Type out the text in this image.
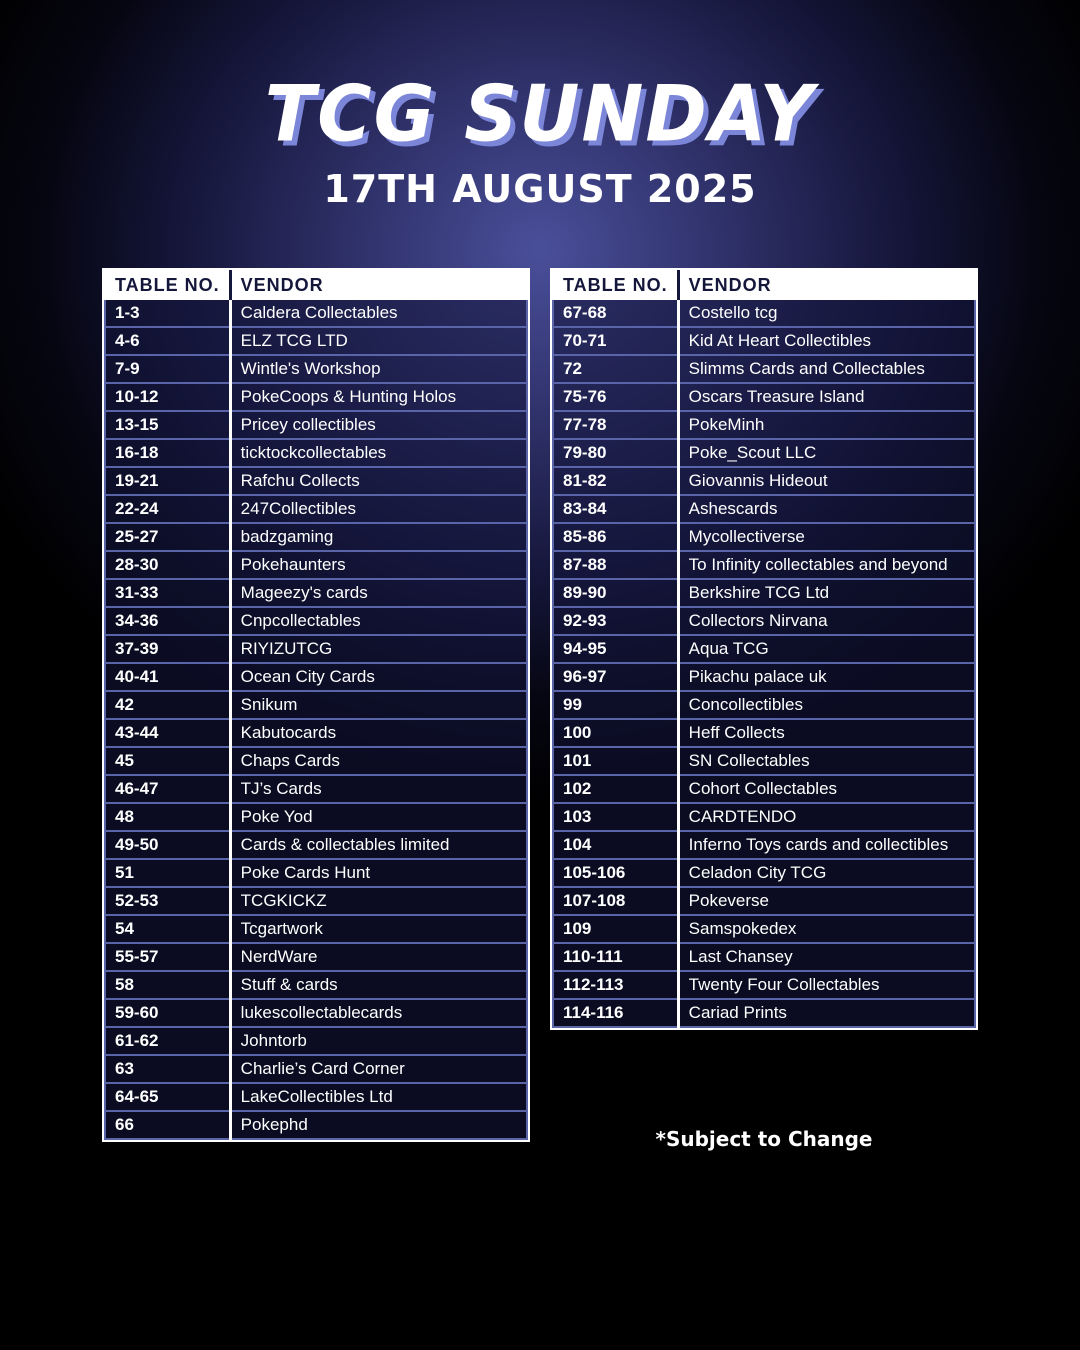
TCG SUNDAY
17TH AUGUST 2025
TABLE NO.	VENDOR
1-3	Caldera Collectables
4-6	ELZ TCG LTD
7-9	Wintle's Workshop
10-12	PokeCoops & Hunting Holos
13-15	Pricey collectibles
16-18	ticktockcollectables
19-21	Rafchu Collects
22-24	247Collectibles
25-27	badzgaming
28-30	Pokehaunters
31-33	Mageezy's cards
34-36	Cnpcollectables
37-39	RIYIZUTCG
40-41	Ocean City Cards
42	Snikum
43-44	Kabutocards
45	Chaps Cards
46-47	TJ’s Cards
48	Poke Yod
49-50	Cards & collectables limited
51	Poke Cards Hunt
52-53	TCGKICKZ
54	Tcgartwork
55-57	NerdWare
58	Stuff & cards
59-60	lukescollectablecards
61-62	Johntorb
63	Charlie’s Card Corner
64-65	LakeCollectibles Ltd
66	Pokephd
TABLE NO.	VENDOR
67-68	Costello tcg
70-71	Kid At Heart Collectibles
72	Slimms Cards and Collectables
75-76	Oscars Treasure Island
77-78	PokeMinh
79-80	Poke_Scout LLC
81-82	Giovannis Hideout
83-84	Ashescards
85-86	Mycollectiverse
87-88	To Infinity collectables and beyond
89-90	Berkshire TCG Ltd
92-93	Collectors Nirvana
94-95	Aqua TCG
96-97	Pikachu palace uk
99	Concollectibles
100	Heff Collects
101	SN Collectables
102	Cohort Collectables
103	CARDTENDO
104	Inferno Toys cards and collectibles
105-106	Celadon City TCG
107-108	Pokeverse
109	Samspokedex
110-111	Last Chansey
112-113	Twenty Four Collectables
114-116	Cariad Prints
*Subject to Change
